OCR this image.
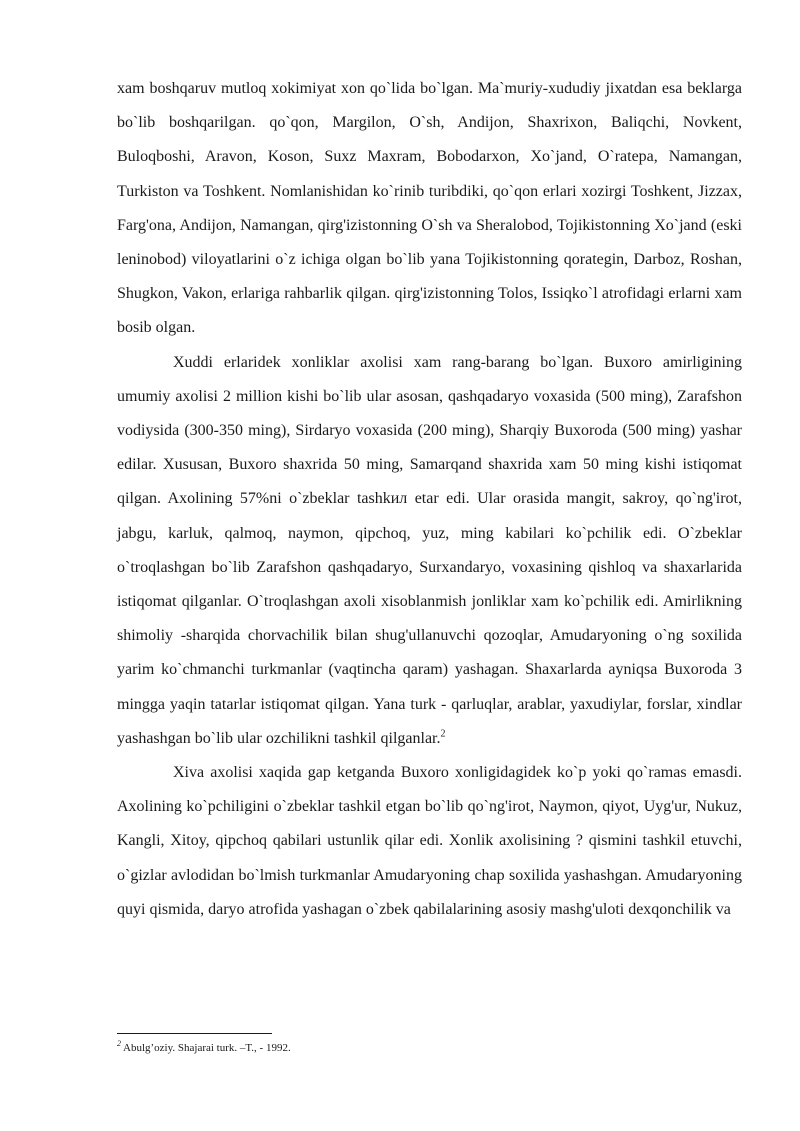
xam boshqaruv mutloq xokimiyat xon qo`lida bo`lgan. Ma`muriy-xududiy jixatdan esa beklarga bo`lib boshqarilgan. qo`qon, Margilon, O`sh, Andijon, Shaxrixon, Baliqchi, Novkent, Buloqboshi, Aravon, Koson, Suxz Maxram, Bobodarxon, Xo`jand, O`ratepa, Namangan, Turkiston va Toshkent. Nomlanishidan ko`rinib turibdiki, qo`qon erlari xozirgi Toshkent, Jizzax, Farg'ona, Andijon, Namangan, qirg'izistonning O`sh va Sheralobod, Tojikistonning Xo`jand (eski leninobod) viloyatlarini o`z ichiga olgan bo`lib yana Tojikistonning qorategin, Darboz, Roshan, Shugkon, Vakon, erlariga rahbarlik qilgan. qirg'izistonning Tolos, Issiqko`l atrofidagi erlarni xam bosib olgan.

Xuddi erlaridek xonliklar axolisi xam rang-barang bo`lgan. Buxoro amirligining umumiy axolisi 2 million kishi bo`lib ular asosan, qashqadaryo voxasida (500 ming), Zarafshon vodiysida (300-350 ming), Sirdaryo voxasida (200 ming), Sharqiy Buxoroda (500 ming) yashar edilar. Xususan, Buxoro shaxrida 50 ming, Samarqand shaxrida xam 50 ming kishi istiqomat qilgan. Axolining 57%ni o`zbeklar tashkил etar edi. Ular orasida mangit, sakroy, qo`ng'irot, jabgu, karluk, qalmoq, naymon, qipchoq, yuz, ming kabilari ko`pchilik edi. O`zbeklar o`troqlashgan bo`lib Zarafshon qashqadaryo, Surxandaryo, voxasining qishloq va shaxarlarida istiqomat qilganlar. O`troqlashgan axoli xisoblanmish jonliklar xam ko`pchilik edi. Amirlikning shimoliy -sharqida chorvachilik bilan shug'ullanuvchi qozoqlar, Amudaryoning o`ng soxilida yarim ko`chmanchi turkmanlar (vaqtincha qaram) yashagan. Shaxarlarda ayniqsa Buxoroda 3 mingga yaqin tatarlar istiqomat qilgan. Yana turk - qarluqlar, arablar, yaxudiylar, forslar, xindlar yashashgan bo`lib ular ozchilikni tashkil qilganlar.$^2$

Xiva axolisi xaqida gap ketganda Buxoro xonligidagidek ko`p yoki qo`ramas emasdi. Axolining ko`pchiligini o`zbeklar tashkil etgan bo`lib qo`ng'irot, Naymon, qiyot, Uyg'ur, Nukuz, Kangli, Xitoy, qipchoq qabilari ustunlik qilar edi. Xonlik axolisining ? qismini tashkil etuvchi, o`gizlar avlodidan bo`lmish turkmanlar Amudaryoning chap soxilida yashashgan. Amudaryoning quyi qismida, daryo atrofida yashagan o`zbek qabilalarining asosiy mashg'uloti dexqonchilik va

$^2$ Abulg’oziy. Shajarai turk. –T., - 1992.
